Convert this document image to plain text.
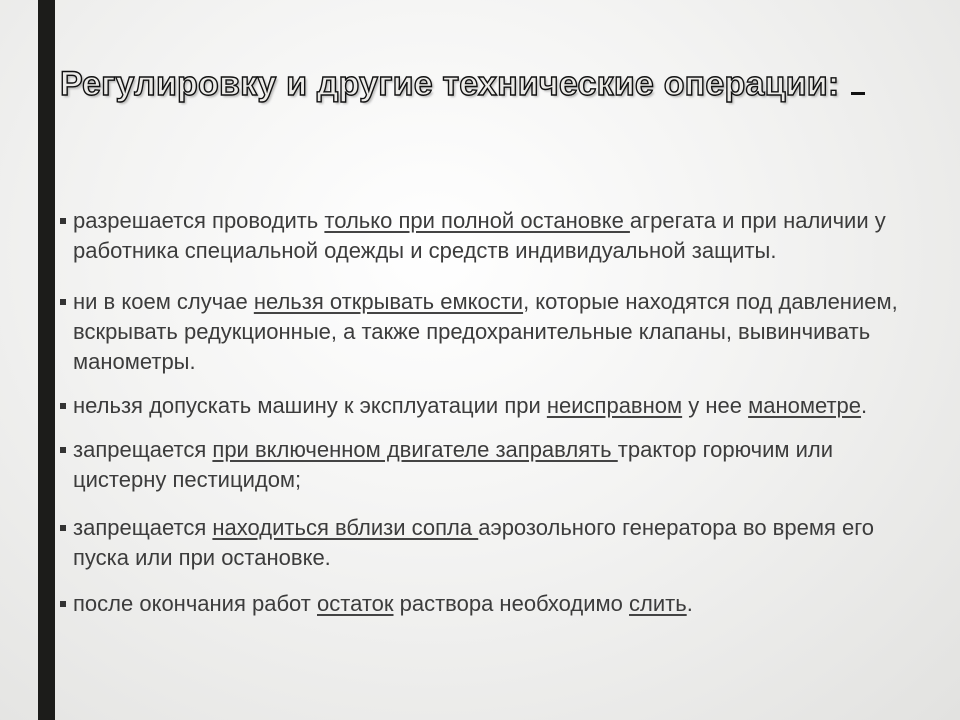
Регулировку и другие технические операции:
разрешается проводить только при полной остановке агрегата и при наличии у работника специальной одежды и средств индивидуальной защиты.
ни в коем случае нельзя открывать емкости, которые находятся под давлением, вскрывать редукционные, а также предохранительные клапаны, вывинчивать манометры.
нельзя допускать машину к эксплуатации при неисправном у нее манометре.
запрещается при включенном двигателе заправлять трактор горючим или цистерну пестицидом;
запрещается находиться вблизи сопла аэрозольного генератора во время его пуска или при остановке.
после окончания работ остаток раствора необходимо слить.
